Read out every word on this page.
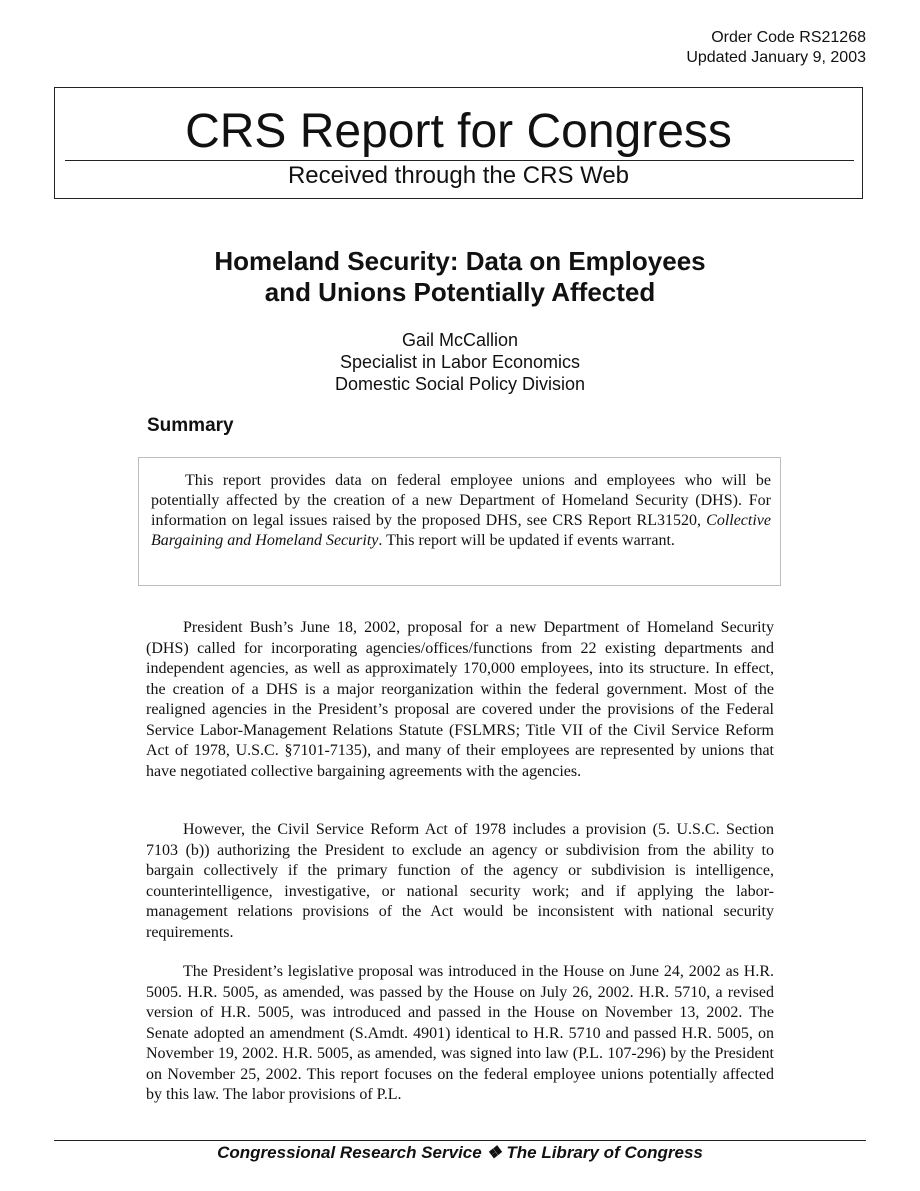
Order Code RS21268
Updated January 9, 2003
CRS Report for Congress
Received through the CRS Web
Homeland Security: Data on Employees
and Unions Potentially Affected
Gail McCallion
Specialist in Labor Economics
Domestic Social Policy Division
Summary
This report provides data on federal employee unions and employees who will be potentially affected by the creation of a new Department of Homeland Security (DHS). For information on legal issues raised by the proposed DHS, see CRS Report RL31520, Collective Bargaining and Homeland Security. This report will be updated if events warrant.
President Bush’s June 18, 2002, proposal for a new Department of Homeland Security (DHS) called for incorporating agencies/offices/functions from 22 existing departments and independent agencies, as well as approximately 170,000 employees, into its structure. In effect, the creation of a DHS is a major reorganization within the federal government. Most of the realigned agencies in the President’s proposal are covered under the provisions of the Federal Service Labor-Management Relations Statute (FSLMRS; Title VII of the Civil Service Reform Act of 1978, U.S.C. §7101-7135), and many of their employees are represented by unions that have negotiated collective bargaining agreements with the agencies.
However, the Civil Service Reform Act of 1978 includes a provision (5. U.S.C. Section 7103 (b)) authorizing the President to exclude an agency or subdivision from the ability to bargain collectively if the primary function of the agency or subdivision is intelligence, counterintelligence, investigative, or national security work; and if applying the labor-management relations provisions of the Act would be inconsistent with national security requirements.
The President’s legislative proposal was introduced in the House on June 24, 2002 as H.R. 5005. H.R. 5005, as amended, was passed by the House on July 26, 2002. H.R. 5710, a revised version of H.R. 5005, was introduced and passed in the House on November 13, 2002. The Senate adopted an amendment (S.Amdt. 4901) identical to H.R. 5710 and passed H.R. 5005, on November 19, 2002. H.R. 5005, as amended, was signed into law (P.L. 107-296) by the President on November 25, 2002. This report focuses on the federal employee unions potentially affected by this law. The labor provisions of P.L.
Congressional Research Service ❖ The Library of Congress
